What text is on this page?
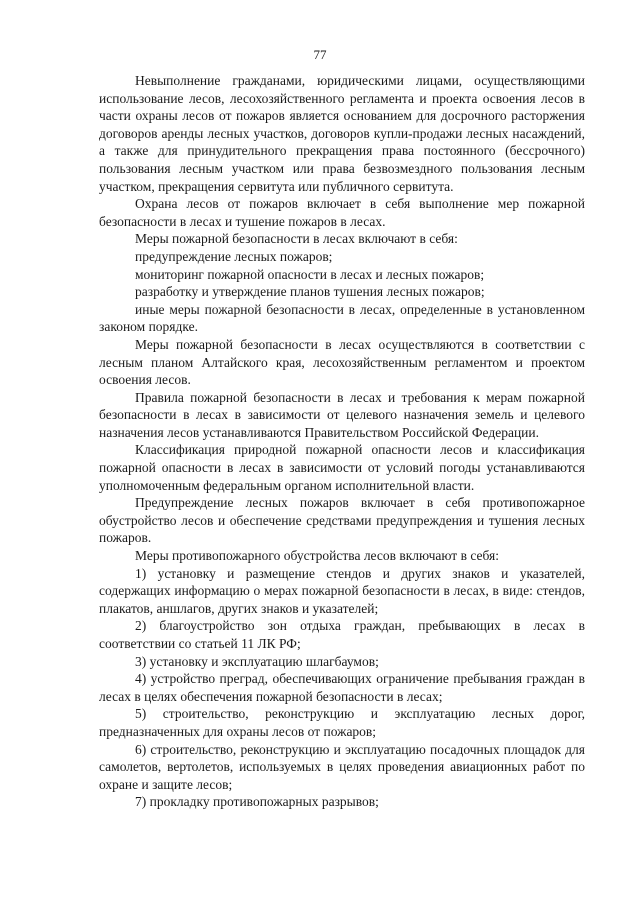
77

Невыполнение гражданами, юридическими лицами, осуществляющими использование лесов, лесохозяйственного регламента и проекта освоения лесов в части охраны лесов от пожаров является основанием для досрочного расторжения договоров аренды лесных участков, договоров купли-продажи лесных насаждений, а также для принудительного прекращения права постоянного (бессрочного) пользования лесным участком или права безвозмездного пользования лесным участком, прекращения сервитута или публичного сервитута.

Охрана лесов от пожаров включает в себя выполнение мер пожарной безопасности в лесах и тушение пожаров в лесах.

Меры пожарной безопасности в лесах включают в себя:

предупреждение лесных пожаров;

мониторинг пожарной опасности в лесах и лесных пожаров;

разработку и утверждение планов тушения лесных пожаров;

иные меры пожарной безопасности в лесах, определенные в установленном законом порядке.

Меры пожарной безопасности в лесах осуществляются в соответствии с лесным планом Алтайского края, лесохозяйственным регламентом и проектом освоения лесов.

Правила пожарной безопасности в лесах и требования к мерам пожарной безопасности в лесах в зависимости от целевого назначения земель и целевого назначения лесов устанавливаются Правительством Российской Федерации.

Классификация природной пожарной опасности лесов и классификация пожарной опасности в лесах в зависимости от условий погоды устанавливаются уполномоченным федеральным органом исполнительной власти.

Предупреждение лесных пожаров включает в себя противопожарное обустройство лесов и обеспечение средствами предупреждения и тушения лесных пожаров.

Меры противопожарного обустройства лесов включают в себя:

1) установку и размещение стендов и других знаков и указателей, содержащих информацию о мерах пожарной безопасности в лесах, в виде: стендов, плакатов, аншлагов, других знаков и указателей;

2) благоустройство зон отдыха граждан, пребывающих в лесах в соответствии со статьей 11 ЛК РФ;

3) установку и эксплуатацию шлагбаумов;

4) устройство преград, обеспечивающих ограничение пребывания граждан в лесах в целях обеспечения пожарной безопасности в лесах;

5) строительство, реконструкцию и эксплуатацию лесных дорог, предназначенных для охраны лесов от пожаров;

6) строительство, реконструкцию и эксплуатацию посадочных площадок для самолетов, вертолетов, используемых в целях проведения авиационных работ по охране и защите лесов;

7) прокладку противопожарных разрывов;
